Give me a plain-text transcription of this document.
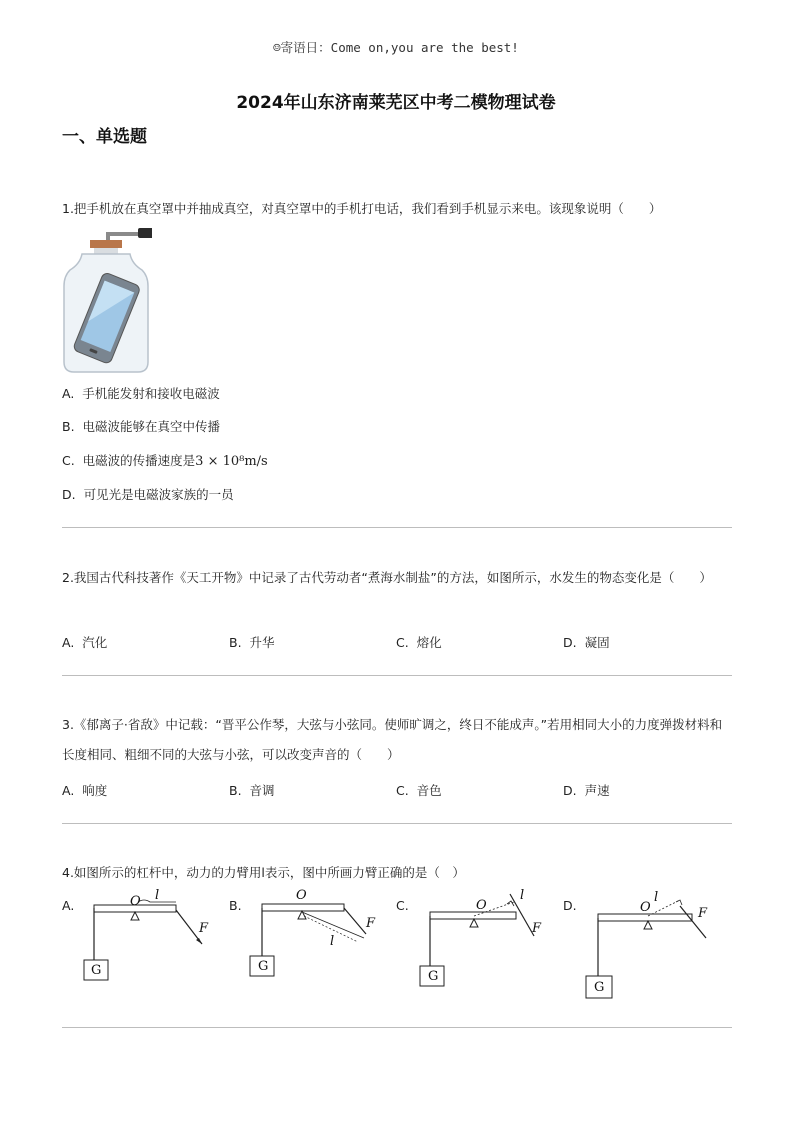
☺寄语日：Come on,you are the best!
2024年山东济南莱芜区中考二模物理试卷
一、单选题
1.把手机放在真空罩中并抽成真空，对真空罩中的手机打电话，我们看到手机显示来电。该现象说明（　　）
A. 手机能发射和接收电磁波
B. 电磁波能够在真空中传播
C. 电磁波的传播速度是3 × 10⁸m/s
D. 可见光是电磁波家族的一员
2.我国古代科技著作《天工开物》中记录了古代劳动者“煮海水制盐”的方法，如图所示，水发生的物态变化是（　　）
A. 汽化	B. 升华	C. 熔化	D. 凝固
3.《郁离子·省敌》中记载：“晋平公作琴，大弦与小弦同。使师旷调之，终日不能成声。”若用相同大小的力度弹拨材料和长度相同、粗细不同的大弦与小弦，可以改变声音的（　　）
A. 响度	B. 音调	C. 音色	D. 声速
4.如图所示的杠杆中，动力的力臂用l表示，图中所画力臂正确的是（　）
A.	O l
F
G
B.
O
l
F
G
C.	O
l
F
G
D.	O
l
F
G
